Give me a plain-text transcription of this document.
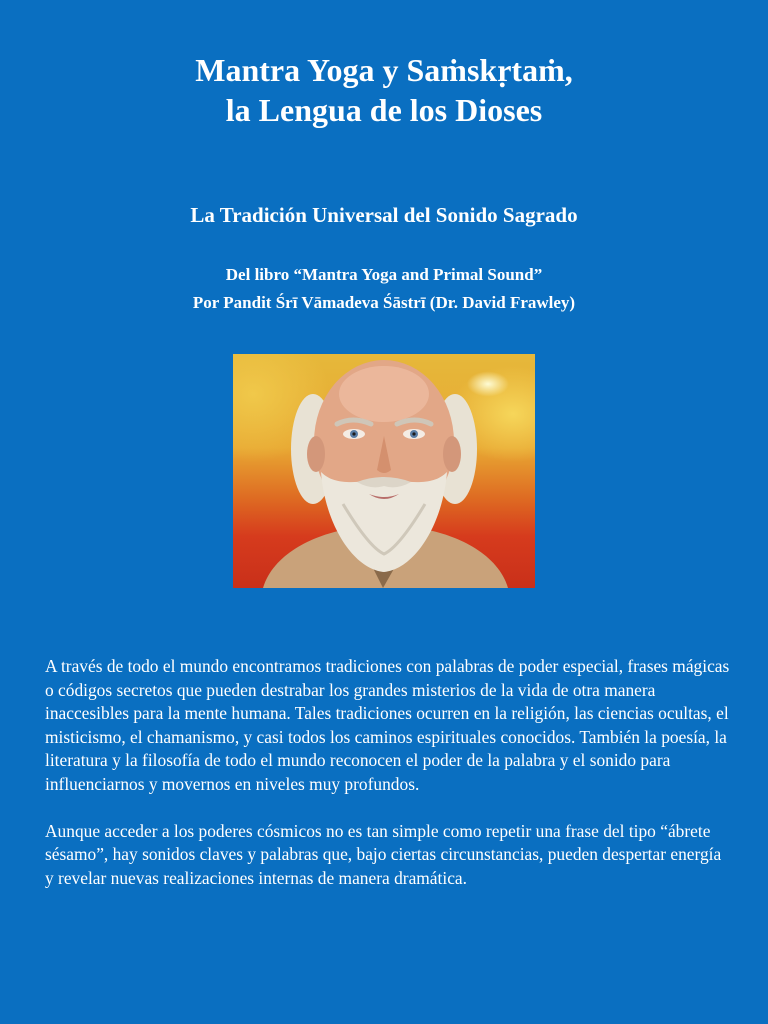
Mantra Yoga y Saṁskṛtaṁ,
la Lengua de los Dioses
La Tradición Universal del Sonido Sagrado
Del libro “Mantra Yoga and Primal Sound”
Por Pandit Śrī Vāmadeva Śāstrī (Dr. David Frawley)

A través de todo el mundo encontramos tradiciones con palabras de poder especial, frases mágicas o códigos secretos que pueden destrabar los grandes misterios de la vida de otra manera inaccesibles para la mente humana. Tales tradiciones ocurren en la religión, las ciencias ocultas, el misticismo, el chamanismo, y casi todos los caminos espirituales conocidos. También la poesía, la literatura y la filosofía de todo el mundo reconocen el poder de la palabra y el sonido para influenciarnos y movernos en niveles muy profundos.

Aunque acceder a los poderes cósmicos no es tan simple como repetir una frase del tipo “ábrete sésamo”, hay sonidos claves y palabras que, bajo ciertas circunstancias, pueden despertar energía y revelar nuevas realizaciones internas de manera dramática.
